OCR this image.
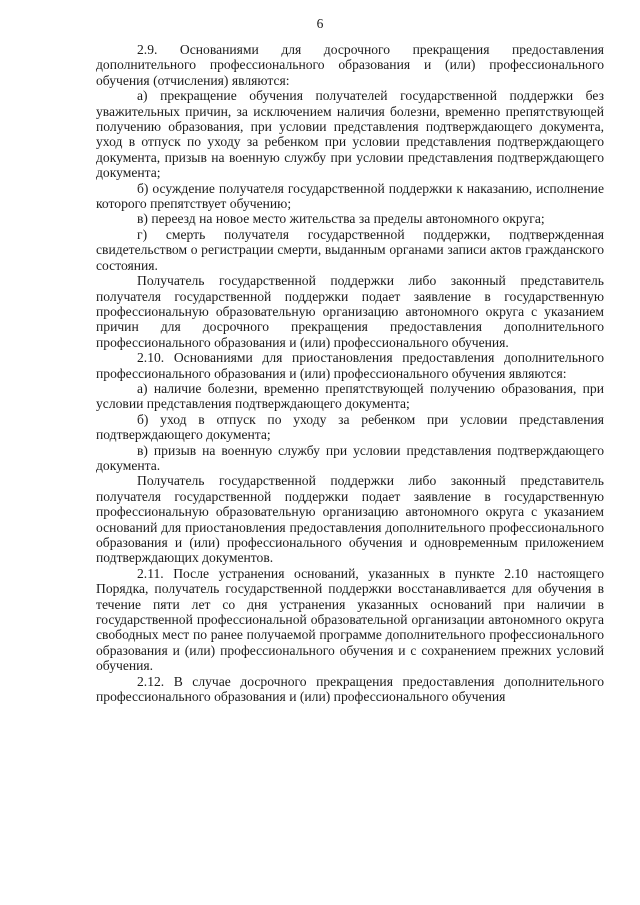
6

2.9. Основаниями для досрочного прекращения предоставления дополнительного профессионального образования и (или) профессионального обучения (отчисления) являются:

а) прекращение обучения получателей государственной поддержки без уважительных причин, за исключением наличия болезни, временно препятствующей получению образования, при условии представления подтверждающего документа, уход в отпуск по уходу за ребенком при условии представления подтверждающего документа, призыв на военную службу при условии представления подтверждающего документа;

б) осуждение получателя государственной поддержки к наказанию, исполнение которого препятствует обучению;

в) переезд на новое место жительства за пределы автономного округа;

г) смерть получателя государственной поддержки, подтвержденная свидетельством о регистрации смерти, выданным органами записи актов гражданского состояния.

Получатель государственной поддержки либо законный представитель получателя государственной поддержки подает заявление в государственную профессиональную образовательную организацию автономного округа с указанием причин для досрочного прекращения предоставления дополнительного профессионального образования и (или) профессионального обучения.

2.10. Основаниями для приостановления предоставления дополнительного профессионального образования и (или) профессионального обучения являются:

а) наличие болезни, временно препятствующей получению образования, при условии представления подтверждающего документа;

б) уход в отпуск по уходу за ребенком при условии представления подтверждающего документа;

в) призыв на военную службу при условии представления подтверждающего документа.

Получатель государственной поддержки либо законный представитель получателя государственной поддержки подает заявление в государственную профессиональную образовательную организацию автономного округа с указанием оснований для приостановления предоставления дополнительного профессионального образования и (или) профессионального обучения и одновременным приложением подтверждающих документов.

2.11. После устранения оснований, указанных в пункте 2.10 настоящего Порядка, получатель государственной поддержки восстанавливается для обучения в течение пяти лет со дня устранения указанных оснований при наличии в государственной профессиональной образовательной организации автономного округа свободных мест по ранее получаемой программе дополнительного профессионального образования и (или) профессионального обучения и с сохранением прежних условий обучения.

2.12. В случае досрочного прекращения предоставления дополнительного профессионального образования и (или) профессионального обучения
